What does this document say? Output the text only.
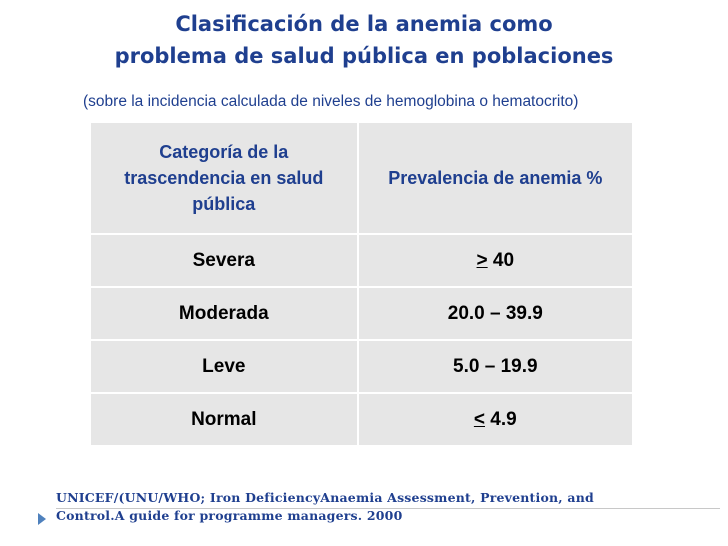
Clasificación de la anemia como
problema de salud pública en poblaciones
(sobre la incidencia calculada de niveles de hemoglobina o hematocrito)
Categoría de la trascendencia en salud pública	Prevalencia de anemia %
Severa	> 40
Moderada	20.0 – 39.9
Leve	5.0 – 19.9
Normal	< 4.9
UNICEF/(UNU/WHO; Iron DeficiencyAnaemia Assessment, Prevention, and
Control.A guide for programme managers. 2000
